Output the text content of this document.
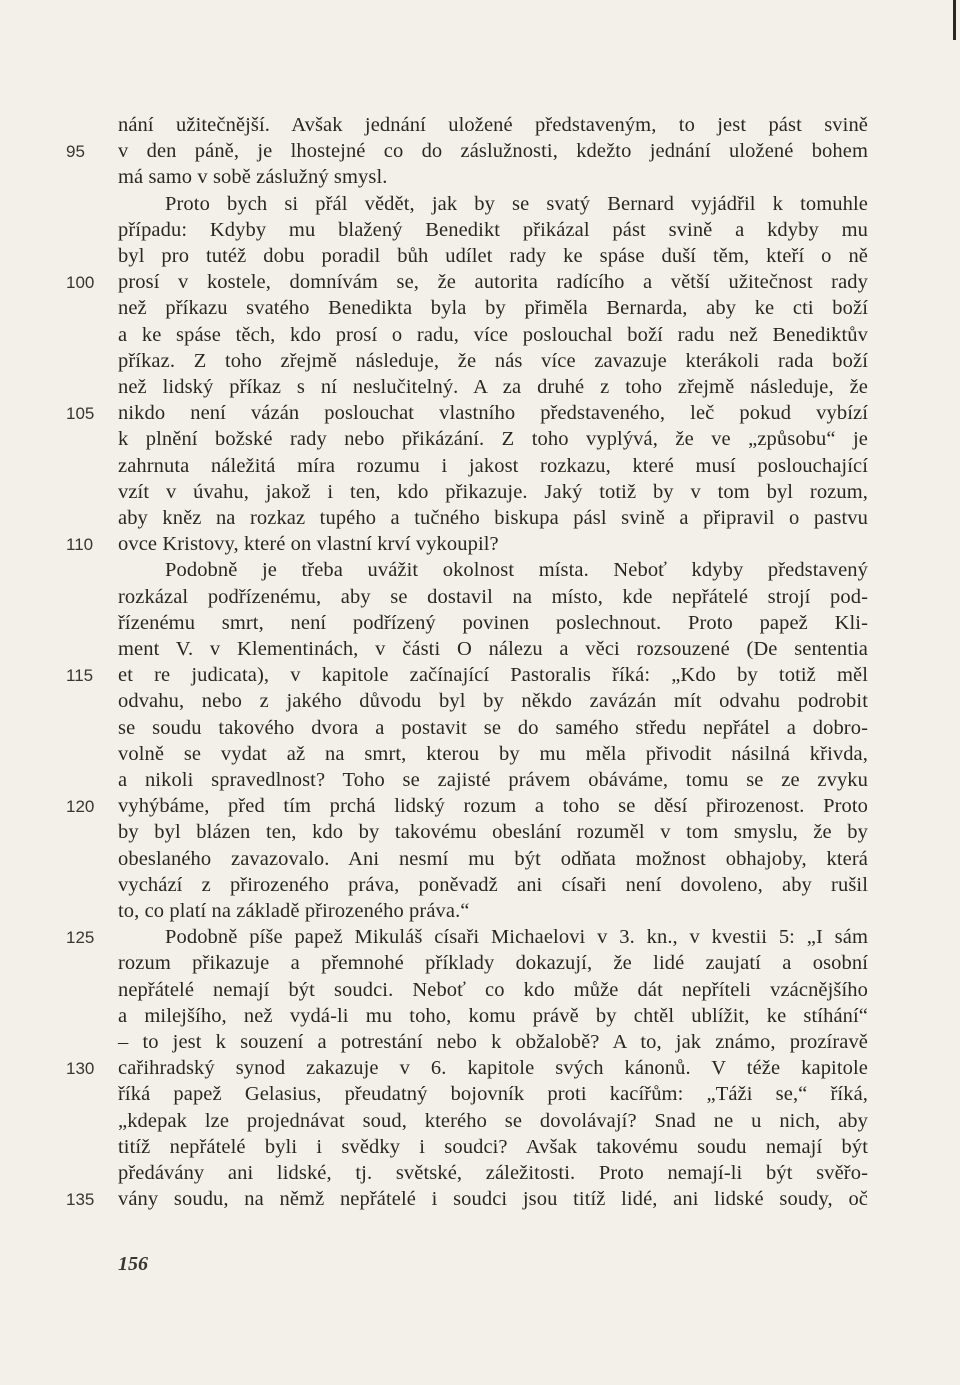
nání užitečnější. Avšak jednání uložené představeným, to jest pást svině
v den páně, je lhostejné co do záslužnosti, kdežto jednání uložené bohem
má samo v sobě záslužný smysl.
Proto bych si přál vědět, jak by se svatý Bernard vyjádřil k tomuhle
případu: Kdyby mu blažený Benedikt přikázal pást svině a kdyby mu
byl pro tutéž dobu poradil bůh udílet rady ke spáse duší těm, kteří o ně
prosí v kostele, domnívám se, že autorita radícího a větší užitečnost rady
než příkazu svatého Benedikta byla by přiměla Bernarda, aby ke cti boží
a ke spáse těch, kdo prosí o radu, více poslouchal boží radu než Benediktův
příkaz. Z toho zřejmě následuje, že nás více zavazuje kterákoli rada boží
než lidský příkaz s ní neslučitelný. A za druhé z toho zřejmě následuje, že
nikdo není vázán poslouchat vlastního představeného, leč pokud vybízí
k plnění božské rady nebo přikázání. Z toho vyplývá, že ve „způsobu“ je
zahrnuta náležitá míra rozumu i jakost rozkazu, které musí poslouchající
vzít v úvahu, jakož i ten, kdo přikazuje. Jaký totiž by v tom byl rozum,
aby kněz na rozkaz tupého a tučného biskupa pásl svině a připravil o pastvu
ovce Kristovy, které on vlastní krví vykoupil?
Podobně je třeba uvážit okolnost místa. Neboť kdyby představený
rozkázal podřízenému, aby se dostavil na místo, kde nepřátelé strojí pod-
řízenému smrt, není podřízený povinen poslechnout. Proto papež Kli-
ment V. v Klementinách, v části O nálezu a věci rozsouzené (De sententia
et re judicata), v kapitole začínající Pastoralis říká: „Kdo by totiž měl
odvahu, nebo z jakého důvodu byl by někdo zavázán mít odvahu podrobit
se soudu takového dvora a postavit se do samého středu nepřátel a dobro-
volně se vydat až na smrt, kterou by mu měla přivodit násilná křivda,
a nikoli spravedlnost? Toho se zajisté právem obáváme, tomu se ze zvyku
vyhýbáme, před tím prchá lidský rozum a toho se děsí přirozenost. Proto
by byl blázen ten, kdo by takovému obeslání rozuměl v tom smyslu, že by
obeslaného zavazovalo. Ani nesmí mu být odňata možnost obhajoby, která
vychází z přirozeného práva, poněvadž ani císaři není dovoleno, aby rušil
to, co platí na základě přirozeného práva.“
Podobně píše papež Mikuláš císaři Michaelovi v 3. kn., v kvestii 5: „I sám
rozum přikazuje a přemnohé příklady dokazují, že lidé zaujatí a osobní
nepřátelé nemají být soudci. Neboť co kdo může dát nepříteli vzácnějšího
a milejšího, než vydá-li mu toho, komu právě by chtěl ublížit, ke stíhání“
– to jest k souzení a potrestání nebo k obžalobě? A to, jak známo, prozíravě
cařihradský synod zakazuje v 6. kapitole svých kánonů. V téže kapitole
říká papež Gelasius, přeudatný bojovník proti kacířům: „Táži se,“ říká,
„kdepak lze projednávat soud, kterého se dovolávají? Snad ne u nich, aby
titíž nepřátelé byli i svědky i soudci? Avšak takovému soudu nemají být
předávány ani lidské, tj. světské, záležitosti. Proto nemají-li být svěřo-
vány soudu, na němž nepřátelé i soudci jsou titíž lidé, ani lidské soudy, oč
95
100
105
110
115
120
125
130
135
156
